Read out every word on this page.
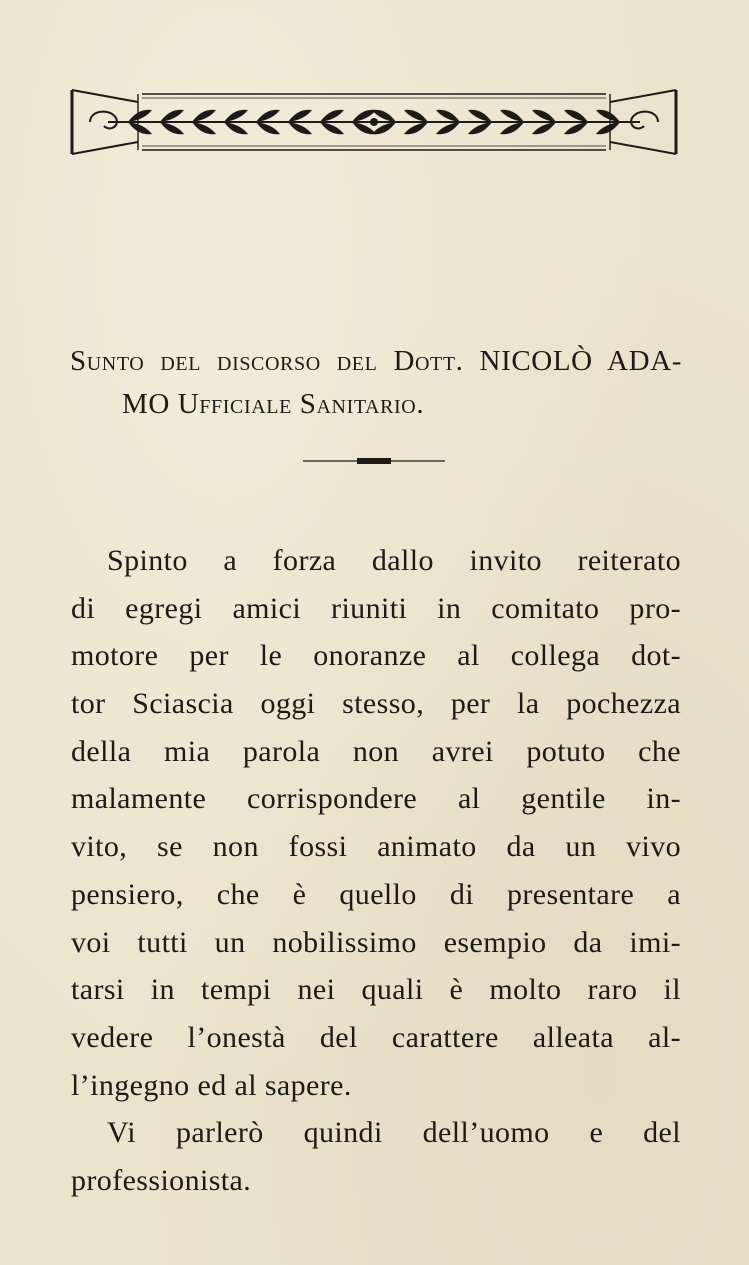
Sunto del discorso del Dott. NICOLÒ ADA-
MO Ufficiale Sanitario.
Spinto a forza dallo invito reiterato
di egregi amici riuniti in comitato pro-
motore per le onoranze al collega dot-
tor Sciascia oggi stesso, per la pochezza
della mia parola non avrei potuto che
malamente corrispondere al gentile in-
vito, se non fossi animato da un vivo
pensiero, che è quello di presentare a
voi tutti un nobilissimo esempio da imi-
tarsi in tempi nei quali è molto raro il
vedere l’onestà del carattere alleata al-
l’ingegno ed al sapere.
Vi parlerò quindi dell’uomo e del
professionista.
